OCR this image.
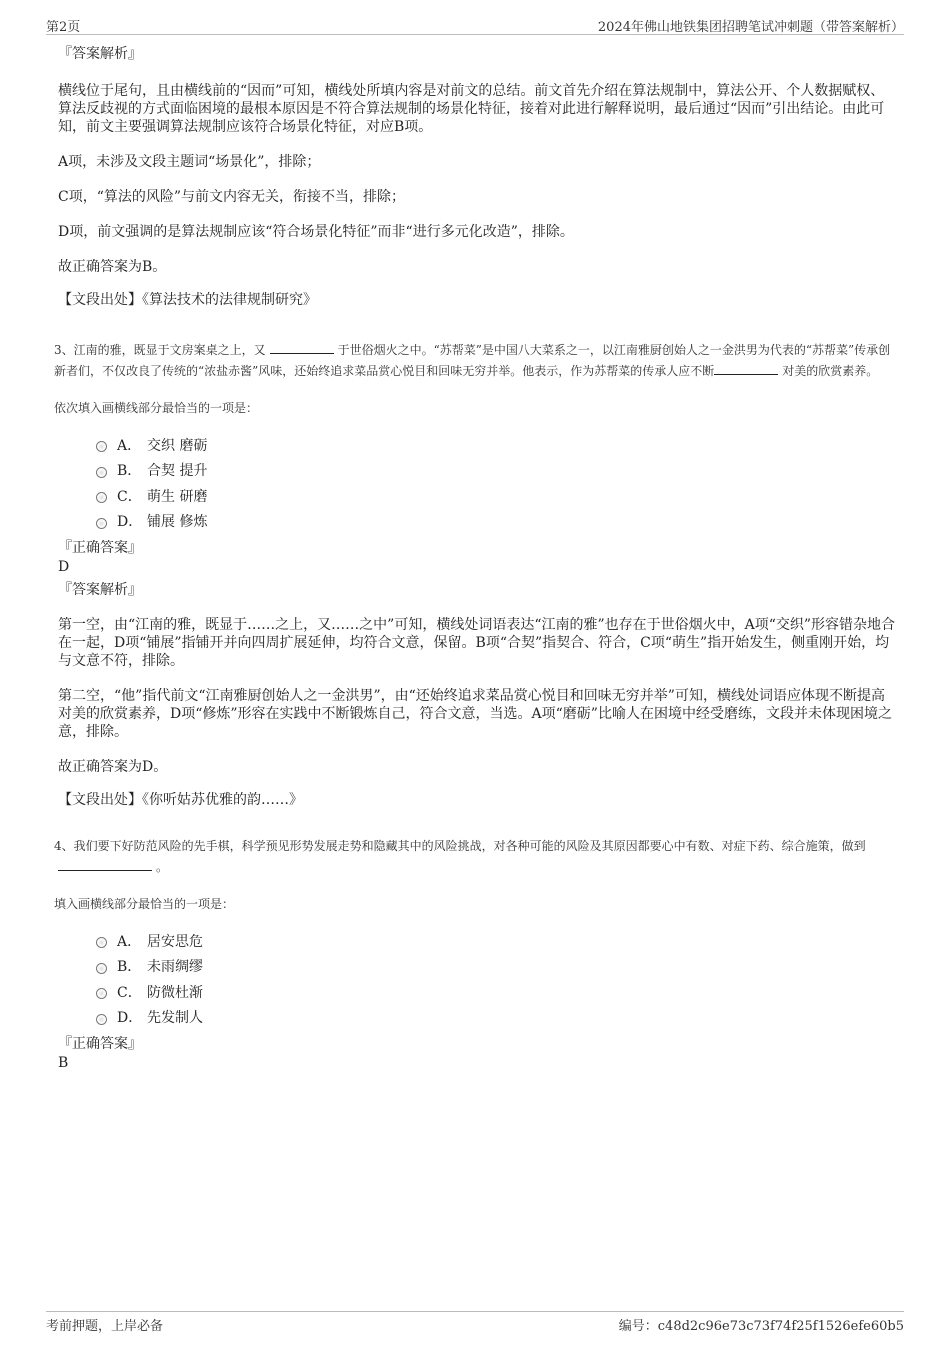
第2页	2024年佛山地铁集团招聘笔试冲刺题（带答案解析）
『答案解析』

横线位于尾句，且由横线前的“因而”可知，横线处所填内容是对前文的总结。前文首先介绍在算法规制中，算法公开、个人数据赋权、算法反歧视的方式面临困境的最根本原因是不符合算法规制的场景化特征，接着对此进行解释说明，最后通过“因而”引出结论。由此可知，前文主要强调算法规制应该符合场景化特征，对应B项。

A项，未涉及文段主题词“场景化”，排除；

C项，“算法的风险”与前文内容无关，衔接不当，排除；

D项，前文强调的是算法规制应该“符合场景化特征”而非“进行多元化改造”，排除。

故正确答案为B。

【文段出处】《算法技术的法律规制研究》
3、江南的雅，既显于文房案桌之上，又	于世俗烟火之中。“苏帮菜”是中国八大菜系之一，以江南雅厨创始人之一金洪男为代表的“苏帮菜”传承创新者们，不仅改良了传统的“浓盐赤酱”风味，还始终追求菜品赏心悦目和回味无穷并举。他表示，作为苏帮菜的传承人应不断	对美的欣赏素养。
依次填入画横线部分最恰当的一项是：
A． 交织 磨砺
B． 合契 提升
C． 萌生 研磨
D． 铺展 修炼
『正确答案』
D
『答案解析』

第一空，由“江南的雅，既显于……之上，又……之中”可知，横线处词语表达“江南的雅”也存在于世俗烟火中，A项“交织”形容错杂地合在一起，D项“铺展”指铺开并向四周扩展延伸，均符合文意，保留。B项“合契”指契合、符合，C项“萌生”指开始发生，侧重刚开始，均与文意不符，排除。

第二空，“他”指代前文“江南雅厨创始人之一金洪男”，由“还始终追求菜品赏心悦目和回味无穷并举”可知，横线处词语应体现不断提高对美的欣赏素养，D项“修炼”形容在实践中不断锻炼自己，符合文意，当选。A项“磨砺”比喻人在困境中经受磨练，文段并未体现困境之意，排除。

故正确答案为D。

【文段出处】《你听姑苏优雅的韵……》
4、我们要下好防范风险的先手棋，科学预见形势发展走势和隐藏其中的风险挑战，对各种可能的风险及其原因都要心中有数、对症下药、综合施策，做到。
填入画横线部分最恰当的一项是：
A． 居安思危
B． 未雨绸缪
C． 防微杜渐
D． 先发制人
『正确答案』
B
考前押题，上岸必备	编号：c48d2c96e73c73f74f25f1526efe60b5
